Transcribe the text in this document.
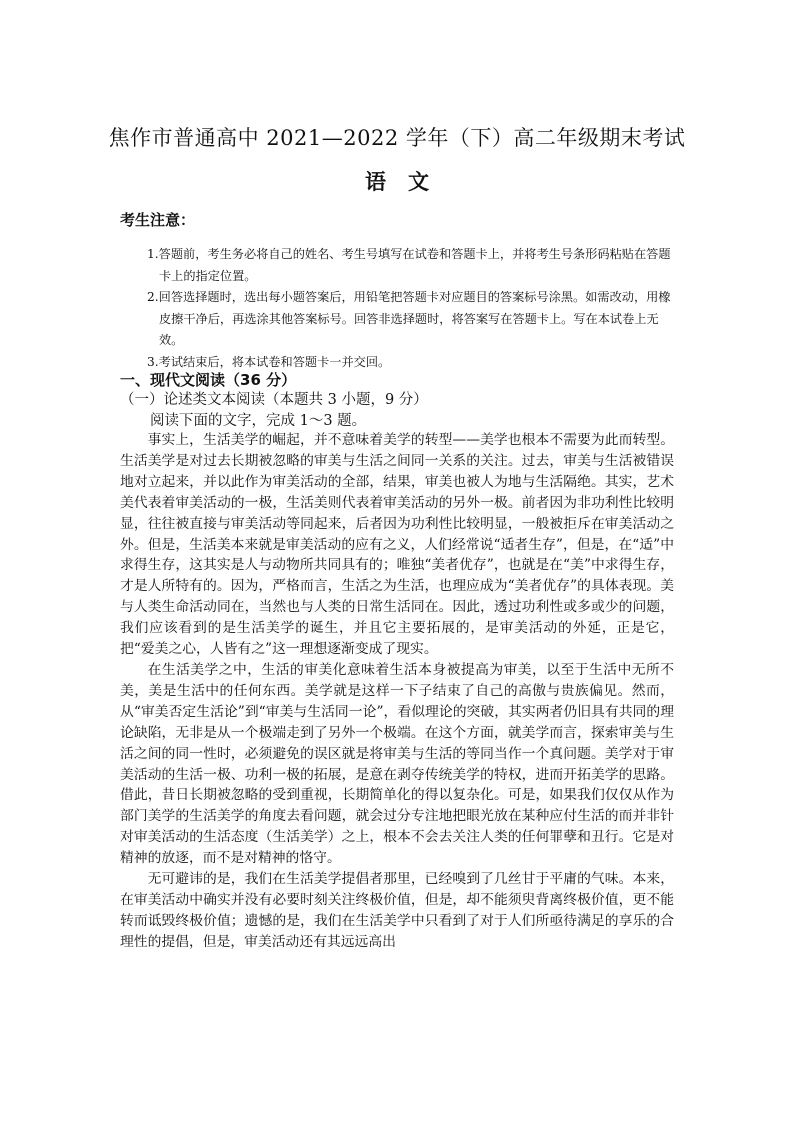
焦作市普通高中 2021—2022 学年（下）高二年级期末考试
语文
考生注意：
1.答题前，考生务必将自己的姓名、考生号填写在试卷和答题卡上，并将考生号条形码粘贴在答题卡上的指定位置。
2.回答选择题时，选出每小题答案后，用铅笔把答题卡对应题目的答案标号涂黑。如需改动，用橡皮擦干净后，再选涂其他答案标号。回答非选择题时，将答案写在答题卡上。写在本试卷上无效。
3.考试结束后，将本试卷和答题卡一并交回。
一、现代文阅读（36 分）
（一）论述类文本阅读（本题共 3 小题，9 分）
阅读下面的文字，完成 1～3 题。

事实上，生活美学的崛起，并不意味着美学的转型——美学也根本不需要为此而转型。生活美学是对过去长期被忽略的审美与生活之间同一关系的关注。过去，审美与生活被错误地对立起来，并以此作为审美活动的全部，结果，审美也被人为地与生活隔绝。其实，艺术美代表着审美活动的一极，生活美则代表着审美活动的另外一极。前者因为非功利性比较明显，往往被直接与审美活动等同起来，后者因为功利性比较明显，一般被拒斥在审美活动之外。但是，生活美本来就是审美活动的应有之义，人们经常说“适者生存”，但是，在“适”中求得生存，这其实是人与动物所共同具有的；唯独“美者优存”，也就是在“美”中求得生存，才是人所特有的。因为，严格而言，生活之为生活，也理应成为“美者优存”的具体表现。美与人类生命活动同在，当然也与人类的日常生活同在。因此，透过功利性或多或少的问题，我们应该看到的是生活美学的诞生，并且它主要拓展的，是审美活动的外延，正是它，把“爱美之心，人皆有之”这一理想逐渐变成了现实。

在生活美学之中，生活的审美化意味着生活本身被提高为审美，以至于生活中无所不美，美是生活中的任何东西。美学就是这样一下子结束了自己的高傲与贵族偏见。然而，从“审美否定生活论”到“审美与生活同一论”，看似理论的突破，其实两者仍旧具有共同的理论缺陷，无非是从一个极端走到了另外一个极端。在这个方面，就美学而言，探索审美与生活之间的同一性时，必须避免的误区就是将审美与生活的等同当作一个真问题。美学对于审美活动的生活一极、功利一极的拓展，是意在剥夺传统美学的特权，进而开拓美学的思路。借此，昔日长期被忽略的受到重视，长期简单化的得以复杂化。可是，如果我们仅仅从作为部门美学的生活美学的角度去看问题，就会过分专注地把眼光放在某种应付生活的而并非针对审美活动的生活态度（生活美学）之上，根本不会去关注人类的任何罪孽和丑行。它是对精神的放逐，而不是对精神的恪守。

无可避讳的是，我们在生活美学提倡者那里，已经嗅到了几丝甘于平庸的气味。本来，在审美活动中确实并没有必要时刻关注终极价值，但是，却不能须臾背离终极价值，更不能转而诋毁终极价值；遗憾的是，我们在生活美学中只看到了对于人们所亟待满足的享乐的合理性的提倡，但是，审美活动还有其远远高出
